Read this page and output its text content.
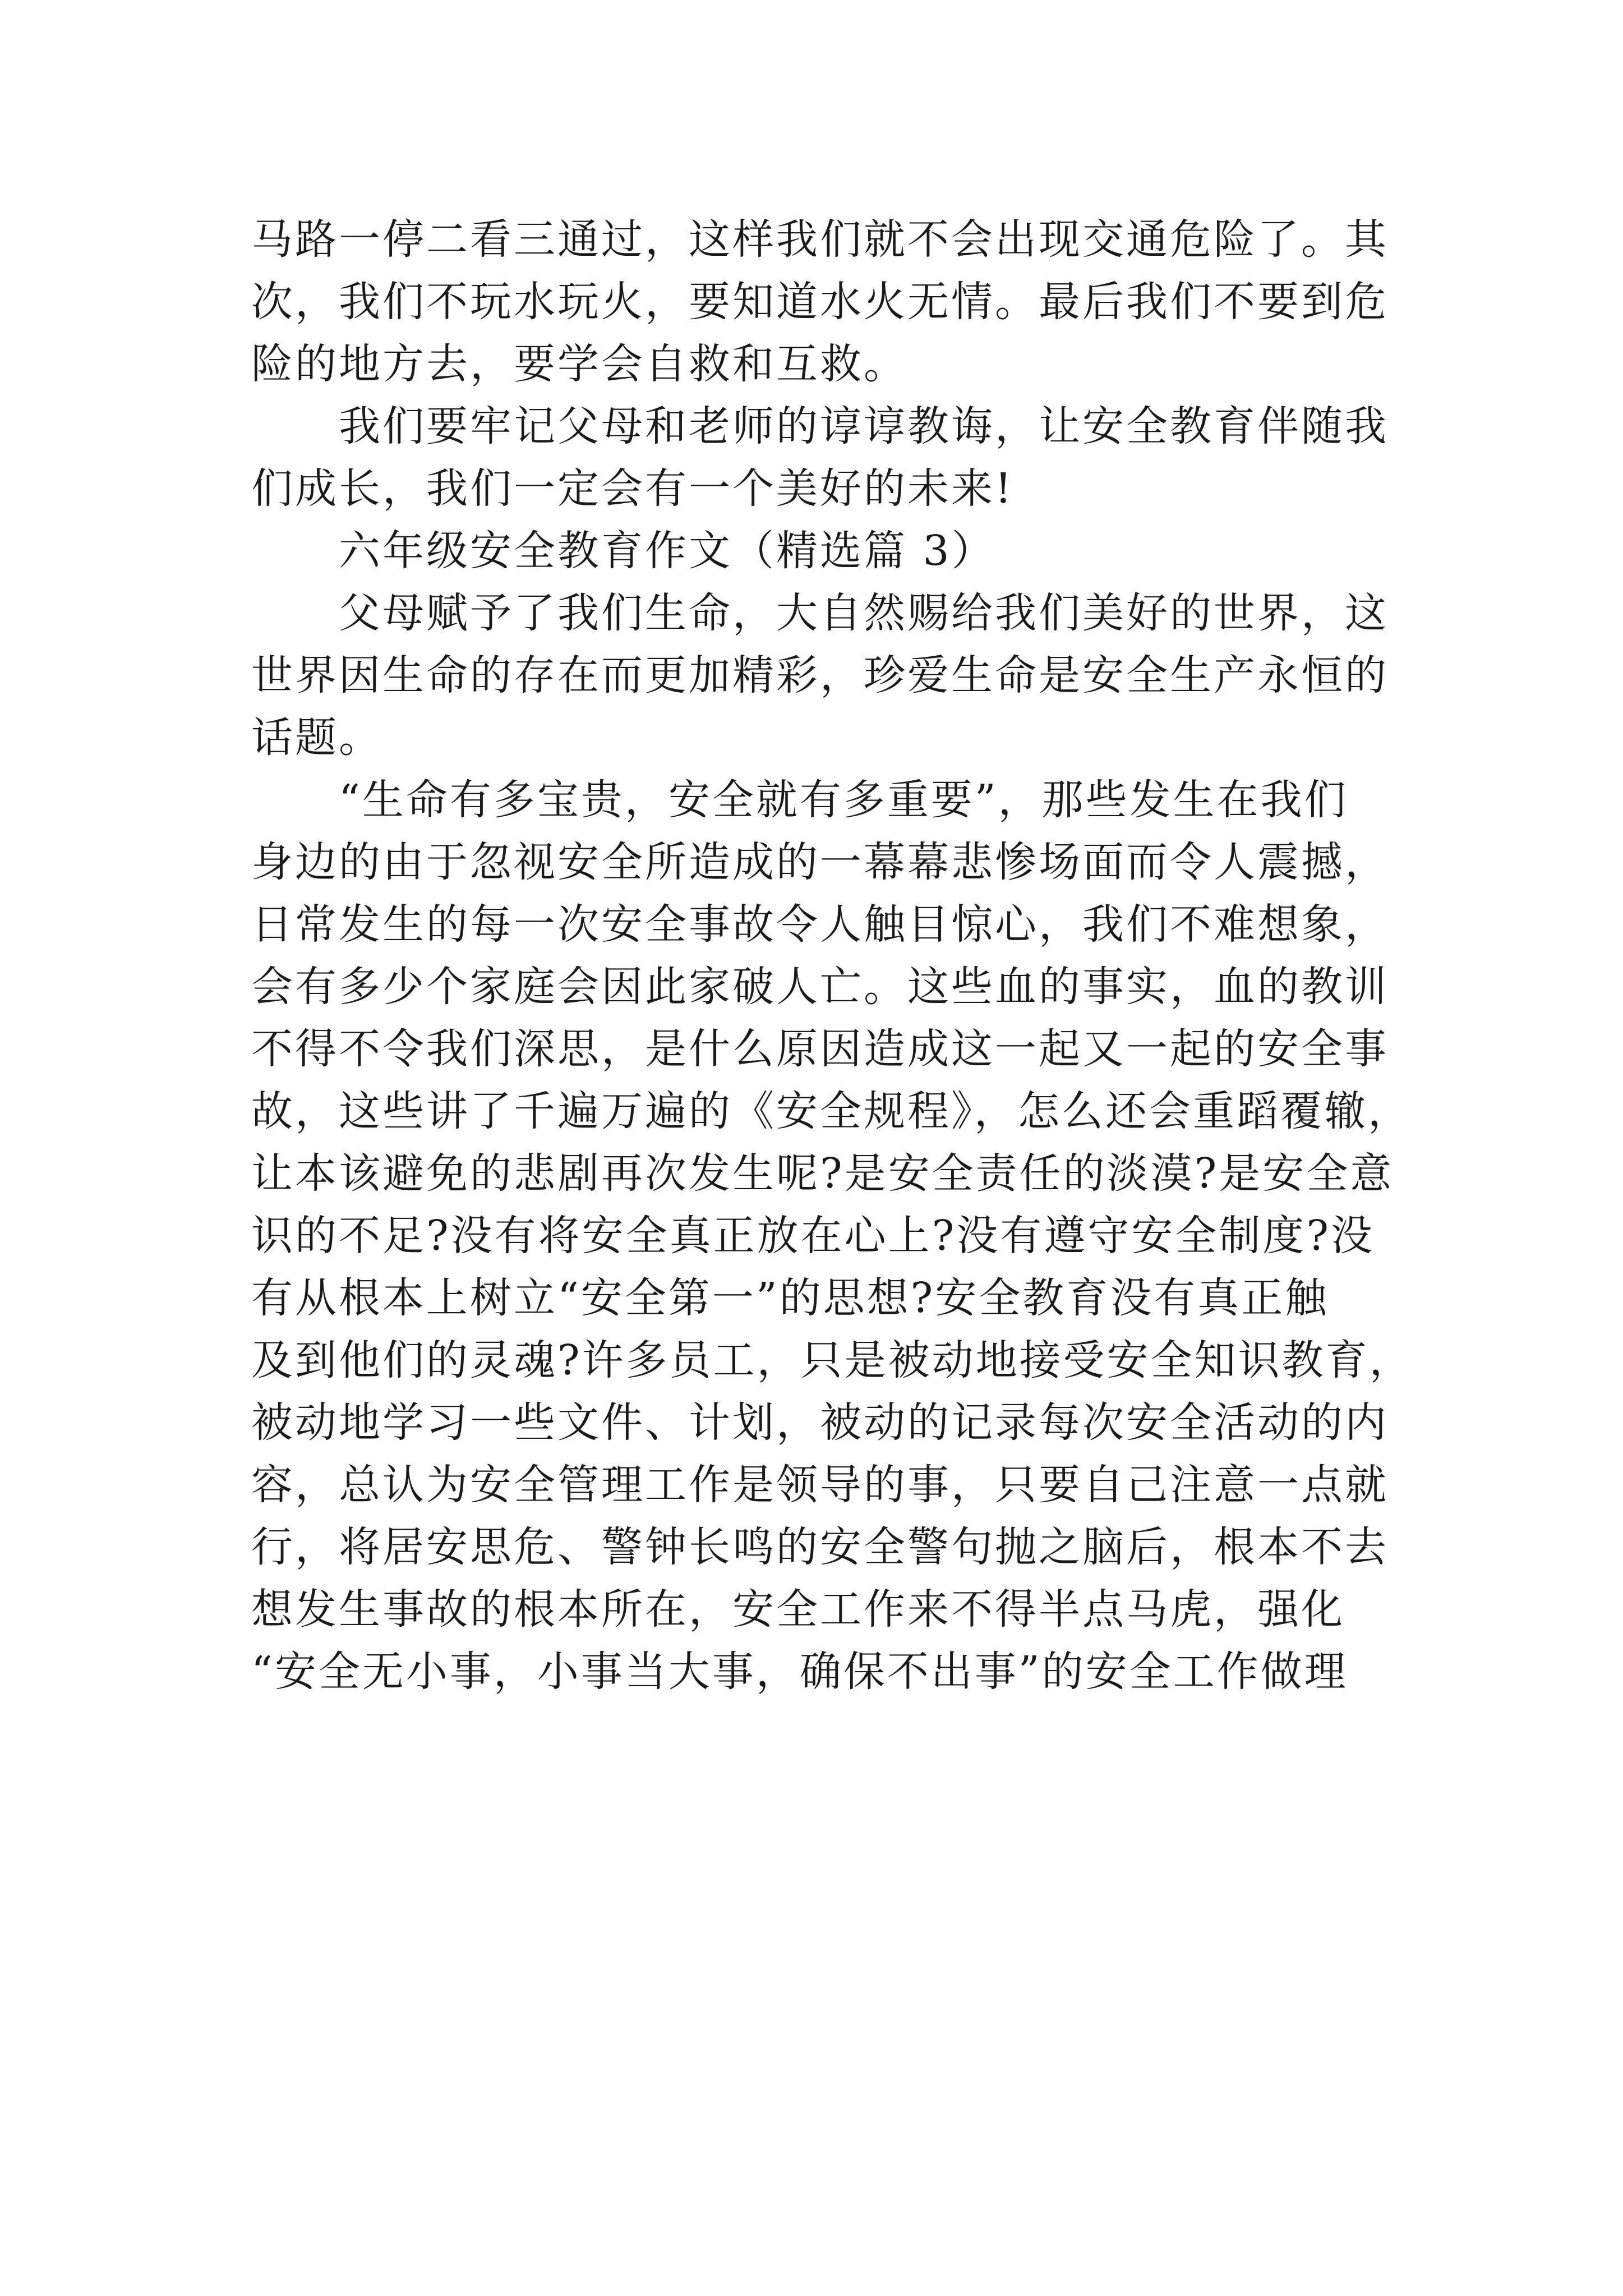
马路一停二看三通过，这样我们就不会出现交通危险了。其
次，我们不玩水玩火，要知道水火无情。最后我们不要到危
险的地方去，要学会自救和互救。
　　我们要牢记父母和老师的谆谆教诲，让安全教育伴随我
们成长，我们一定会有一个美好的未来!
　　六年级安全教育作文（精选篇 3）
　　父母赋予了我们生命，大自然赐给我们美好的世界，这
世界因生命的存在而更加精彩，珍爱生命是安全生产永恒的
话题。
　　“生命有多宝贵，安全就有多重要”，那些发生在我们
身边的由于忽视安全所造成的一幕幕悲惨场面而令人震撼，
日常发生的每一次安全事故令人触目惊心，我们不难想象，
会有多少个家庭会因此家破人亡。这些血的事实，血的教训
不得不令我们深思，是什么原因造成这一起又一起的安全事
故，这些讲了千遍万遍的《安全规程》，怎么还会重蹈覆辙，
让本该避免的悲剧再次发生呢?是安全责任的淡漠?是安全意
识的不足?没有将安全真正放在心上?没有遵守安全制度?没
有从根本上树立“安全第一”的思想?安全教育没有真正触
及到他们的灵魂?许多员工，只是被动地接受安全知识教育，
被动地学习一些文件、计划，被动的记录每次安全活动的内
容，总认为安全管理工作是领导的事，只要自己注意一点就
行，将居安思危、警钟长鸣的安全警句抛之脑后，根本不去
想发生事故的根本所在，安全工作来不得半点马虎，强化
“安全无小事，小事当大事，确保不出事”的安全工作做理
